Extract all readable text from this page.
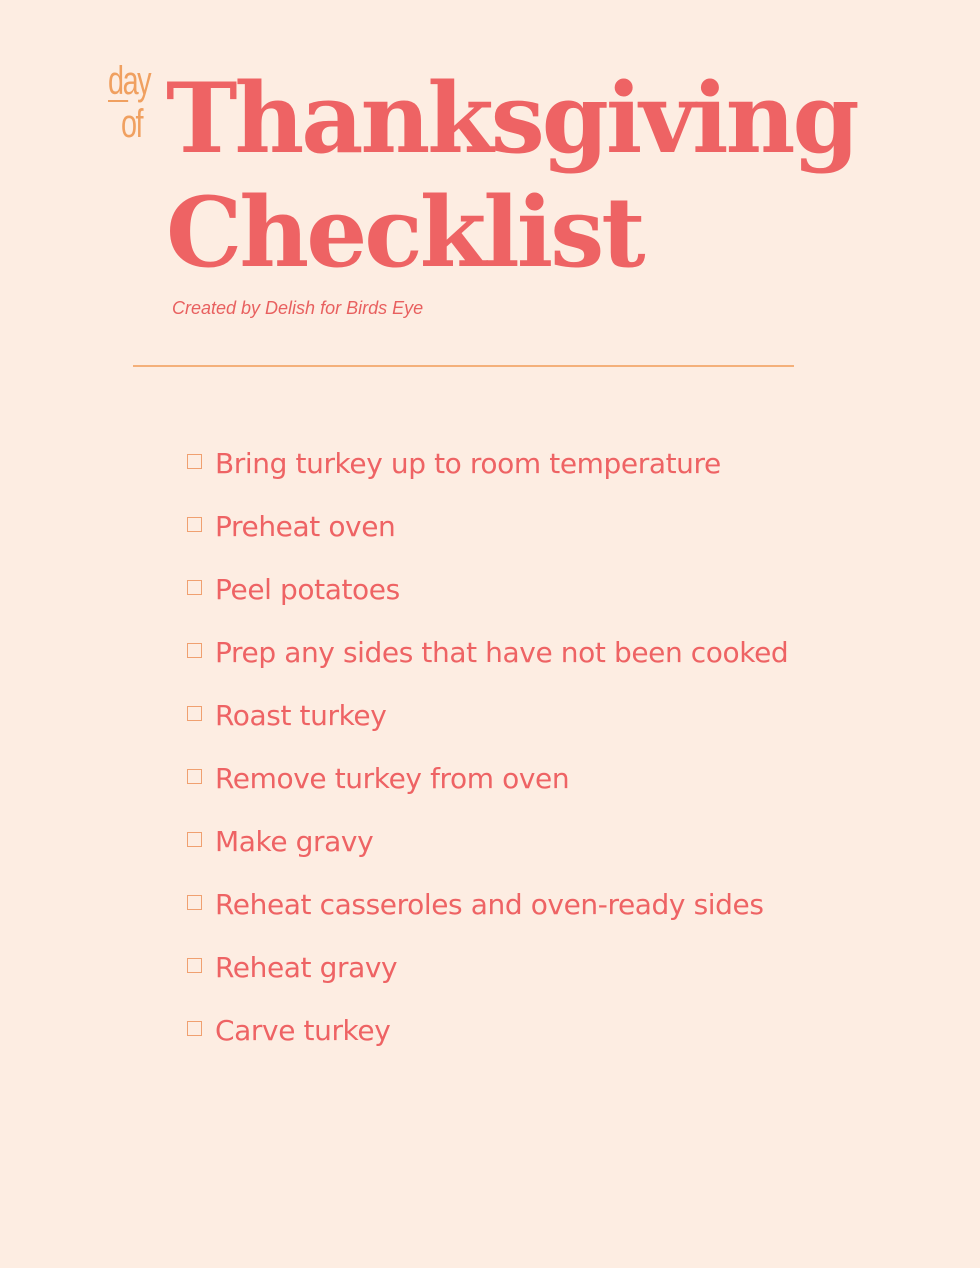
day
of Thanksgiving
Checklist
Created by Delish for Birds Eye
Bring turkey up to room temperature
Preheat oven
Peel potatoes
Prep any sides that have not been cooked
Roast turkey
Remove turkey from oven
Make gravy
Reheat casseroles and oven-ready sides
Reheat gravy
Carve turkey
